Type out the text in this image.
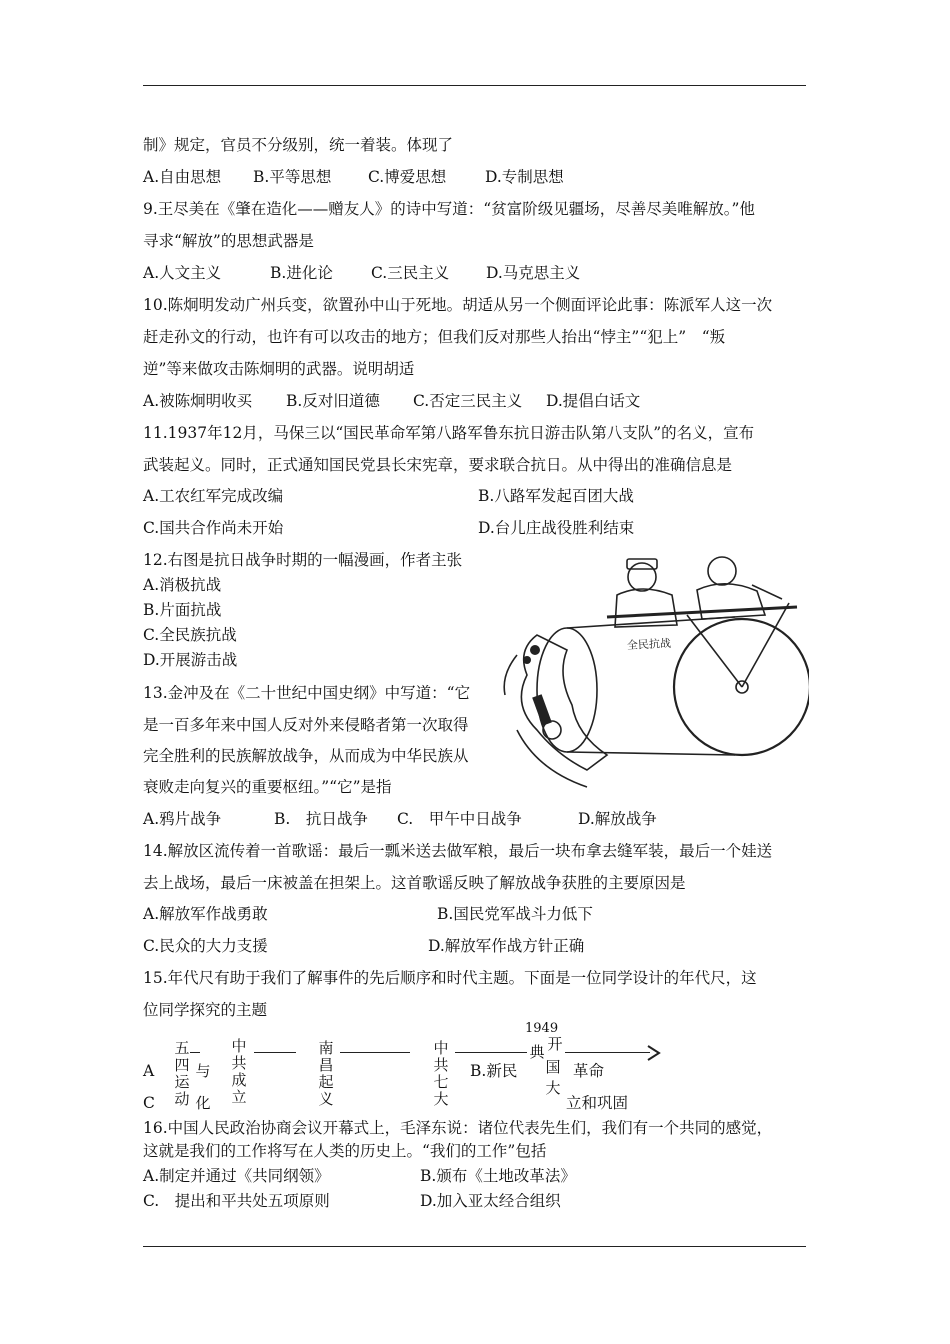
制》规定，官员不分级别，统一着装。体现了
A.自由思想 B.平等思想 C.博爱思想	D.专制思想
9.王尽美在《肇在造化——赠友人》的诗中写道：“贫富阶级见疆场，尽善尽美唯解放。”他
寻求“解放”的思想武器是
A.人文主义	B.进化论 C.三民主义 D.马克思主义
10.陈炯明发动广州兵变，欲置孙中山于死地。胡适从另一个侧面评论此事：陈派军人这一次
赶走孙文的行动，也许有可以攻击的地方；但我们反对那些人抬出“悖主”“犯上”　“叛
逆”等来做攻击陈炯明的武器。说明胡适
A.被陈炯明收买 B.反对旧道德 C.否定三民主义 D.提倡白话文
11.1937年12月，马保三以“国民革命军第八路军鲁东抗日游击队第八支队”的名义，宣布
武装起义。同时，正式通知国民党县长宋宪章，要求联合抗日。从中得出的准确信息是
A.工农红军完成改编	B.八路军发起百团大战
C.国共合作尚未开始	D.台儿庄战役胜利结束
12.右图是抗日战争时期的一幅漫画，作者主张
A.消极抗战
B.片面抗战
C.全民族抗战
D.开展游击战
全民抗战
13.金冲及在《二十世纪中国史纲》中写道：“它
是一百多年来中国人反对外来侵略者第一次取得
完全胜利的民族解放战争，从而成为中华民族从
衰败走向复兴的重要枢纽。”“它”是指
A.鸦片战争	B.　抗日战争 C.　甲午中日战争	D.解放战争
14.解放区流传着一首歌谣：最后一瓢米送去做军粮，最后一块布拿去缝军装，最后一个娃送
去上战场，最后一床被盖在担架上。这首歌谣反映了解放战争获胜的主要原因是
A.解放军作战勇敢	B.国民党军战斗力低下
C.民众的大力支援	D.解放军作战方针正确
15.年代尺有助于我们了解事件的先后顺序和时代主题。下面是一位同学设计的年代尺，这
位同学探究的主题
1949
五
四
运
动
与
化
中
共
成
立
南
昌
起
义
中
共
七
大
典 开
国
大
A
C
B.新民	革命
立和巩固
16.中国人民政治协商会议开幕式上，毛泽东说：诸位代表先生们，我们有一个共同的感觉，
这就是我们的工作将写在人类的历史上。“我们的工作”包括
A.制定并通过《共同纲领》	B.颁布《土地改革法》
C.　提出和平共处五项原则	D.加入亚太经合组织
